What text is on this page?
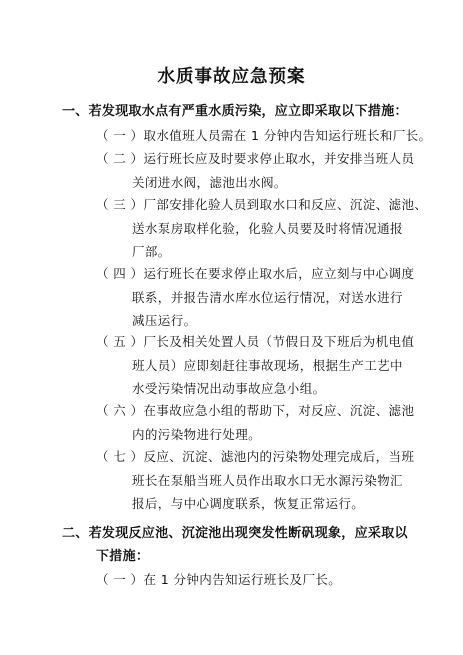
水质事故应急预案
一、若发现取水点有严重水质污染，应立即采取以下措施：
（ 一 ）取水值班人员需在 1 分钟内告知运行班长和厂长。
（ 二 ）运行班长应及时要求停止取水，并安排当班人员
关闭进水阀，滤池出水阀。
（ 三 ）厂部安排化验人员到取水口和反应、沉淀、滤池、
送水泵房取样化验，化验人员要及时将情况通报
厂部。
（ 四 ）运行班长在要求停止取水后，应立刻与中心调度
联系，并报告清水库水位运行情况，对送水进行
减压运行。
（ 五 ）厂长及相关处置人员（节假日及下班后为机电值
班人员）应即刻赶往事故现场，根据生产工艺中
水受污染情况出动事故应急小组。
（ 六 ）在事故应急小组的帮助下，对反应、沉淀、滤池
内的污染物进行处理。
（ 七 ）反应、沉淀、滤池内的污染物处理完成后，当班
班长在泵船当班人员作出取水口无水源污染物汇
报后，与中心调度联系，恢复正常运行。
二、若发现反应池、沉淀池出现突发性断矾现象，应采取以
下措施：
（ 一 ）在 1 分钟内告知运行班长及厂长。
